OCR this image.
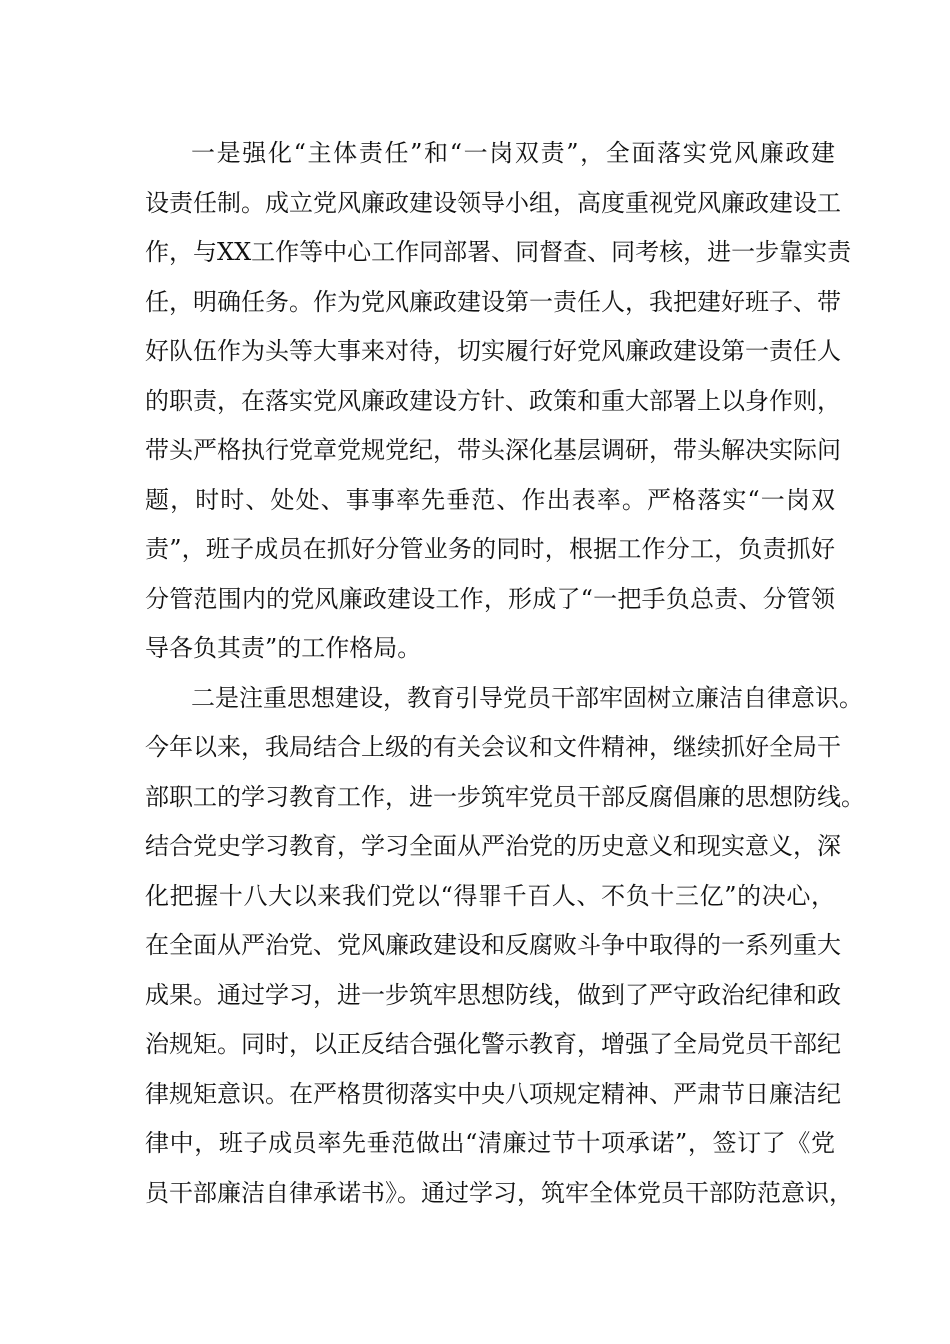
一是强化“主体责任”和“一岗双责”，全面落实党风廉政建
设责任制。成立党风廉政建设领导小组，高度重视党风廉政建设工
作，与XX工作等中心工作同部署、同督查、同考核，进一步靠实责
任，明确任务。作为党风廉政建设第一责任人，我把建好班子、带
好队伍作为头等大事来对待，切实履行好党风廉政建设第一责任人
的职责，在落实党风廉政建设方针、政策和重大部署上以身作则，
带头严格执行党章党规党纪，带头深化基层调研，带头解决实际问
题，时时、处处、事事率先垂范、作出表率。严格落实“一岗双
责”，班子成员在抓好分管业务的同时，根据工作分工，负责抓好
分管范围内的党风廉政建设工作，形成了“一把手负总责、分管领
导各负其责”的工作格局。
二是注重思想建设，教育引导党员干部牢固树立廉洁自律意识。
今年以来，我局结合上级的有关会议和文件精神，继续抓好全局干
部职工的学习教育工作，进一步筑牢党员干部反腐倡廉的思想防线。
结合党史学习教育，学习全面从严治党的历史意义和现实意义，深
化把握十八大以来我们党以“得罪千百人、不负十三亿”的决心，
在全面从严治党、党风廉政建设和反腐败斗争中取得的一系列重大
成果。通过学习，进一步筑牢思想防线，做到了严守政治纪律和政
治规矩。同时，以正反结合强化警示教育，增强了全局党员干部纪
律规矩意识。在严格贯彻落实中央八项规定精神、严肃节日廉洁纪
律中，班子成员率先垂范做出“清廉过节十项承诺”，签订了《党
员干部廉洁自律承诺书》。通过学习，筑牢全体党员干部防范意识，
